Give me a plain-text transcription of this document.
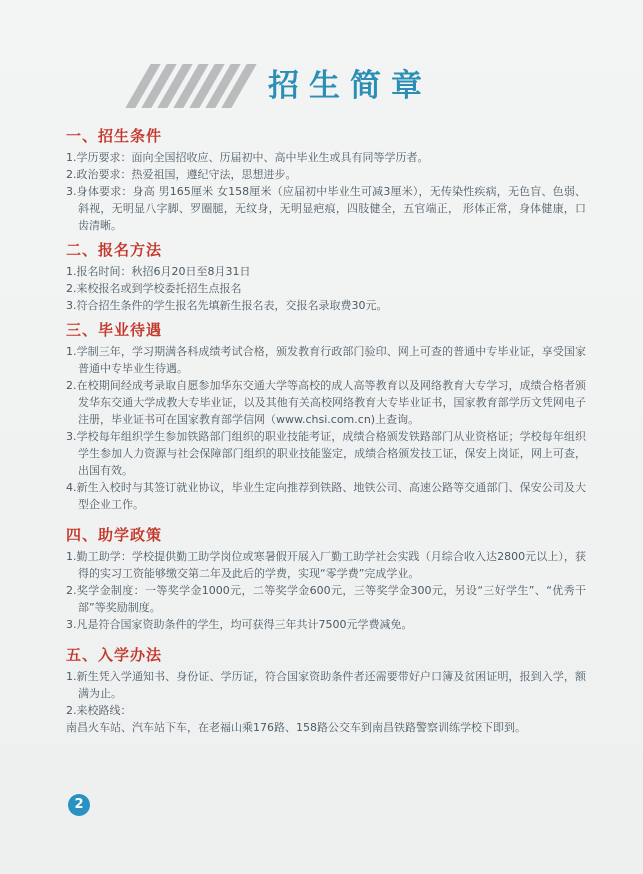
招生简章
一、招生条件
1.学历要求：面向全国招收应、历届初中、高中毕业生或具有同等学历者。
2.政治要求：热爱祖国，遵纪守法，思想进步。
3.身体要求：身高 男165厘米 女158厘米（应届初中毕业生可减3厘米），无传染性疾病，无色盲、色弱、斜视，无明显八字脚、罗圈腿，无纹身，无明显疤痕，四肢健全，五官端正， 形体正常，身体健康，口齿清晰。
二、报名方法
1.报名时间：秋招6月20日至8月31日
2.来校报名或到学校委托招生点报名
3.符合招生条件的学生报名先填新生报名表，交报名录取费30元。
三、毕业待遇
1.学制三年，学习期满各科成绩考试合格，颁发教育行政部门验印、网上可查的普通中专毕业证，享受国家普通中专毕业生待遇。
2.在校期间经成考录取自愿参加华东交通大学等高校的成人高等教育以及网络教育大专学习，成绩合格者颁发华东交通大学成教大专毕业证，以及其他有关高校网络教育大专毕业证书，国家教育部学历文凭网电子注册，毕业证书可在国家教育部学信网（www.chsi.com.cn)上查询。
3.学校每年组织学生参加铁路部门组织的职业技能考证，成绩合格颁发铁路部门从业资格证；学校每年组织学生参加人力资源与社会保障部门组织的职业技能鉴定，成绩合格颁发技工证，保安上岗证，网上可查，出国有效。
4.新生入校时与其签订就业协议，毕业生定向推荐到铁路、地铁公司、高速公路等交通部门、保安公司及大型企业工作。
四、助学政策
1.勤工助学：学校提供勤工助学岗位或寒暑假开展入厂勤工助学社会实践（月综合收入达2800元以上），获得的实习工资能够缴交第二年及此后的学费，实现“零学费”完成学业。
2.奖学金制度：一等奖学金1000元，二等奖学金600元，三等奖学金300元，另设“三好学生”、“优秀干部”等奖励制度。
3.凡是符合国家资助条件的学生，均可获得三年共计7500元学费减免。
五、入学办法
1.新生凭入学通知书、身份证、学历证，符合国家资助条件者还需要带好户口簿及贫困证明，报到入学，额满为止。
2.来校路线：
南昌火车站、汽车站下车，在老福山乘176路、158路公交车到南昌铁路警察训练学校下即到。
2
